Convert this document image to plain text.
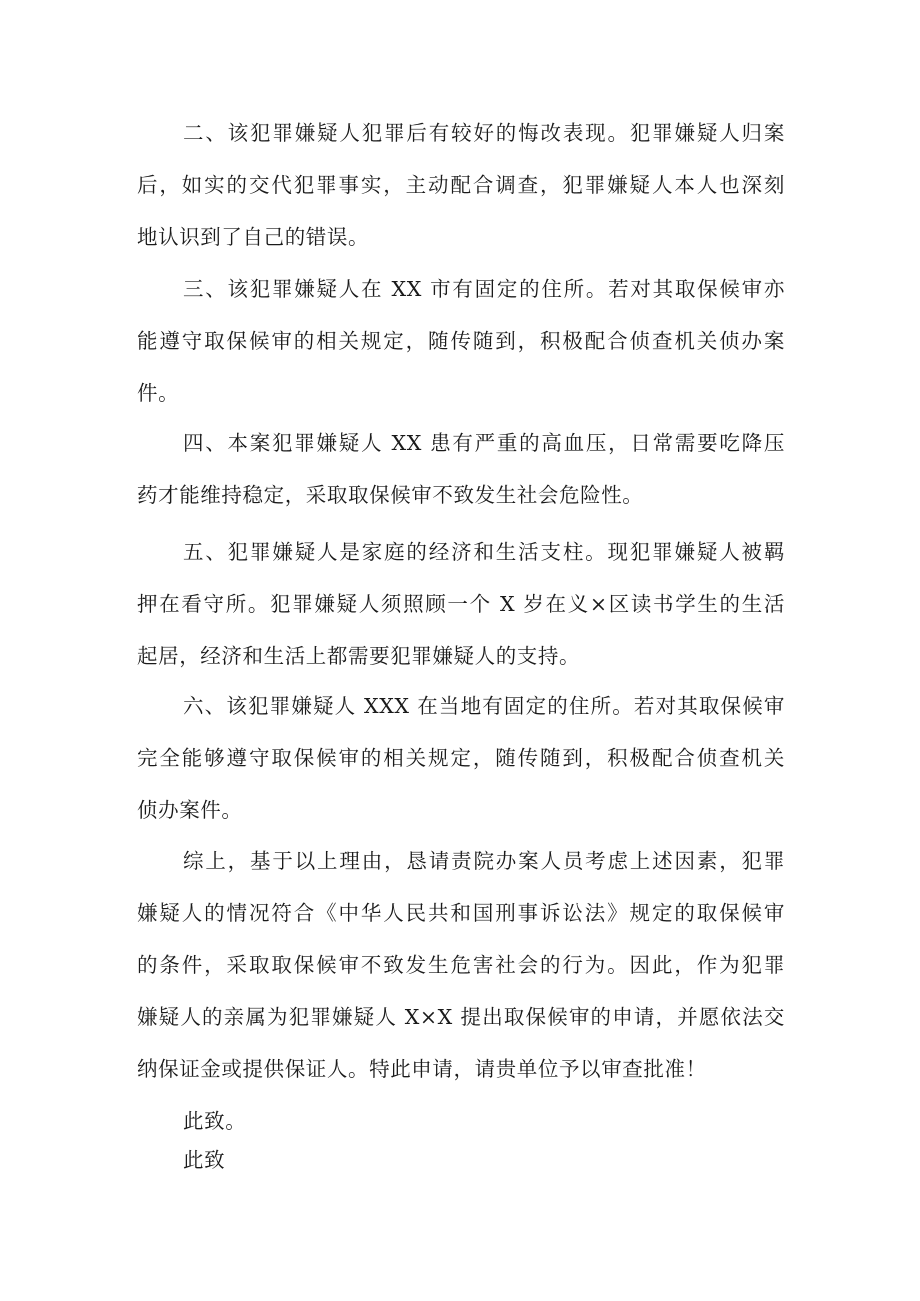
二、该犯罪嫌疑人犯罪后有较好的悔改表现。犯罪嫌疑人归案
后，如实的交代犯罪事实，主动配合调查，犯罪嫌疑人本人也深刻
地认识到了自己的错误。
三、该犯罪嫌疑人在 XX 市有固定的住所。若对其取保候审亦
能遵守取保候审的相关规定，随传随到，积极配合侦查机关侦办案
件。
四、本案犯罪嫌疑人 XX 患有严重的高血压，日常需要吃降压
药才能维持稳定，采取取保候审不致发生社会危险性。
五、犯罪嫌疑人是家庭的经济和生活支柱。现犯罪嫌疑人被羁
押在看守所。犯罪嫌疑人须照顾一个 X 岁在义×区读书学生的生活
起居，经济和生活上都需要犯罪嫌疑人的支持。
六、该犯罪嫌疑人 XXX 在当地有固定的住所。若对其取保候审
完全能够遵守取保候审的相关规定，随传随到，积极配合侦查机关
侦办案件。
综上，基于以上理由，恳请责院办案人员考虑上述因素，犯罪
嫌疑人的情况符合《中华人民共和国刑事诉讼法》规定的取保候审
的条件，采取取保候审不致发生危害社会的行为。因此，作为犯罪
嫌疑人的亲属为犯罪嫌疑人 X×X 提出取保候审的申请，并愿依法交
纳保证金或提供保证人。特此申请，请贵单位予以审查批准！
此致。
此致
